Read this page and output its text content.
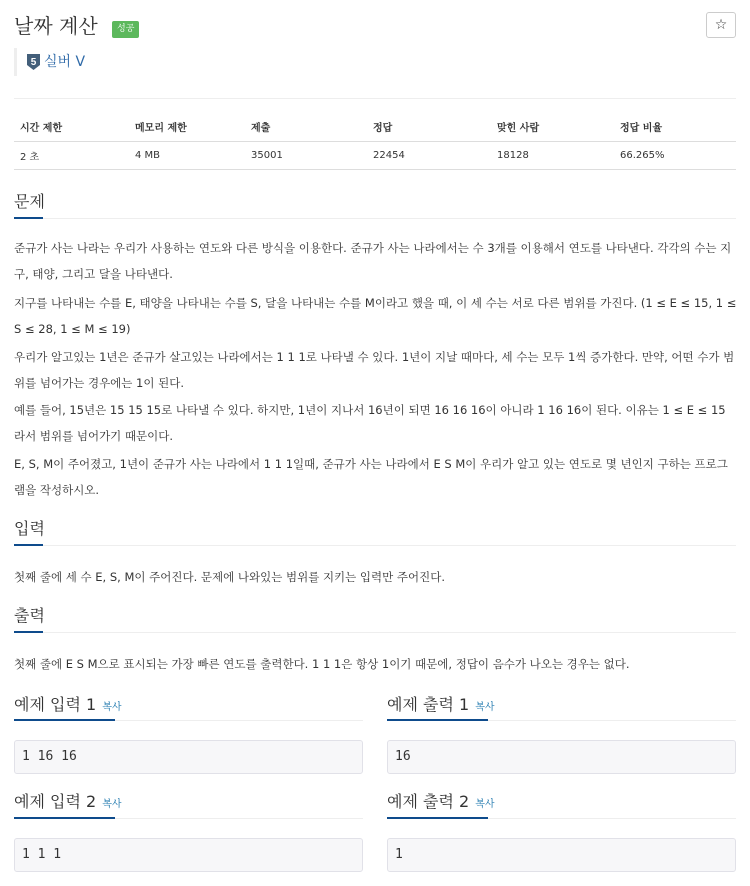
날짜 계산	성공	☆
5 실버 V
시간 제한	메모리 제한	제출	정답	맞힌 사람	정답 비율
2 초	4 MB	35001	22454	18128	66.265%
문제
준규가 사는 나라는 우리가 사용하는 연도와 다른 방식을 이용한다. 준규가 사는 나라에서는 수 3개를 이용해서 연도를 나타낸다. 각각의 수는 지구, 태양, 그리고 달을 나타낸다.
지구를 나타내는 수를 E, 태양을 나타내는 수를 S, 달을 나타내는 수를 M이라고 했을 때, 이 세 수는 서로 다른 범위를 가진다. (1 ≤ E ≤ 15, 1 ≤ S ≤ 28, 1 ≤ M ≤ 19)
우리가 알고있는 1년은 준규가 살고있는 나라에서는 1 1 1로 나타낼 수 있다. 1년이 지날 때마다, 세 수는 모두 1씩 증가한다. 만약, 어떤 수가 범위를 넘어가는 경우에는 1이 된다.
예를 들어, 15년은 15 15 15로 나타낼 수 있다. 하지만, 1년이 지나서 16년이 되면 16 16 16이 아니라 1 16 16이 된다. 이유는 1 ≤ E ≤ 15 라서 범위를 넘어가기 때문이다.
E, S, M이 주어졌고, 1년이 준규가 사는 나라에서 1 1 1일때, 준규가 사는 나라에서 E S M이 우리가 알고 있는 연도로 몇 년인지 구하는 프로그램을 작성하시오.
입력
첫째 줄에 세 수 E, S, M이 주어진다. 문제에 나와있는 범위를 지키는 입력만 주어진다.
출력
첫째 줄에 E S M으로 표시되는 가장 빠른 연도를 출력한다. 1 1 1은 항상 1이기 때문에, 정답이 음수가 나오는 경우는 없다.
예제 입력 1 복사
1 16 16
예제 출력 1 복사
16
예제 입력 2 복사
1 1 1
예제 출력 2 복사
1
